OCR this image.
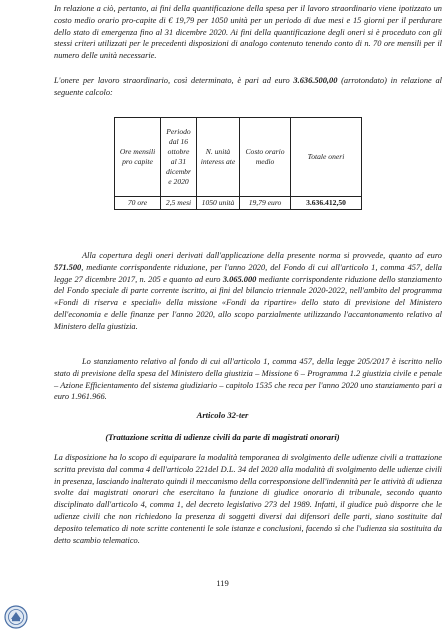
In relazione a ciò, pertanto, ai fini della quantificazione della spesa per il lavoro straordinario viene ipotizzato un costo medio orario pro-capite di € 19,79 per 1050 unità per un periodo di due mesi e 15 giorni per il perdurare dello stato di emergenza fino al 31 dicembre 2020. Ai fini della quantificazione degli oneri si è proceduto con gli stessi criteri utilizzati per le precedenti disposizioni di analogo contenuto tenendo conto di n. 70 ore mensili per il numero delle unità necessarie.

L'onere per lavoro straordinario, così determinato, è pari ad euro 3.636.500,00 (arrotondato) in relazione al seguente calcolo:

Ore mensili pro capite	Periodo dal 16 ottobre al 31 dicembr e 2020	N. unità interess ate	Costo orario medio	Totale oneri
70 ore	2,5 mesi	1050 unità	19,79 euro	3.636.412,50

Alla copertura degli oneri derivati dall'applicazione della presente norma si provvede, quanto ad euro 571.500, mediante corrispondente riduzione, per l'anno 2020, del Fondo di cui all'articolo 1, comma 457, della legge 27 dicembre 2017, n. 205 e quanto ad euro 3.065.000 mediante corrispondente riduzione dello stanziamento del Fondo speciale di parte corrente iscritto, ai fini del bilancio triennale 2020-2022, nell'ambito del programma «Fondi di riserva e speciali» della missione «Fondi da ripartire» dello stato di previsione del Ministero dell'economia e delle finanze per l'anno 2020, allo scopo parzialmente utilizzando l'accantonamento relativo al Ministero della giustizia.

Lo stanziamento relativo al fondo di cui all'articolo 1, comma 457, della legge 205/2017 è iscritto nello stato di previsione della spesa del Ministero della giustizia – Missione 6 – Programma 1.2 giustizia civile e penale – Azione Efficientamento del sistema giudiziario – capitolo 1535 che reca per l'anno 2020 uno stanziamento pari a euro 1.961.966.

Articolo 32-ter

(Trattazione scritta di udienze civili da parte di magistrati onorari)

La disposizione ha lo scopo di equiparare la modalità temporanea di svolgimento delle udienze civili a trattazione scritta prevista dal comma 4 dell'articolo 221del D.L. 34 del 2020 alla modalità di svolgimento delle udienze civili in presenza, lasciando inalterato quindi il meccanismo della corresponsione dell'indennità per le attività di udienza svolte dai magistrati onorari che esercitano la funzione di giudice onorario di tribunale, secondo quanto disciplinato dall'articolo 4, comma 1, del decreto legislativo 273 del 1989. Infatti, il giudice può disporre che le udienze civili che non richiedono la presenza di soggetti diversi dai difensori delle parti, siano sostituite dal deposito telematico di note scritte contenenti le sole istanze e conclusioni, facendo sì che l'udienza sia sostituita da detto scambio telematico.

119
